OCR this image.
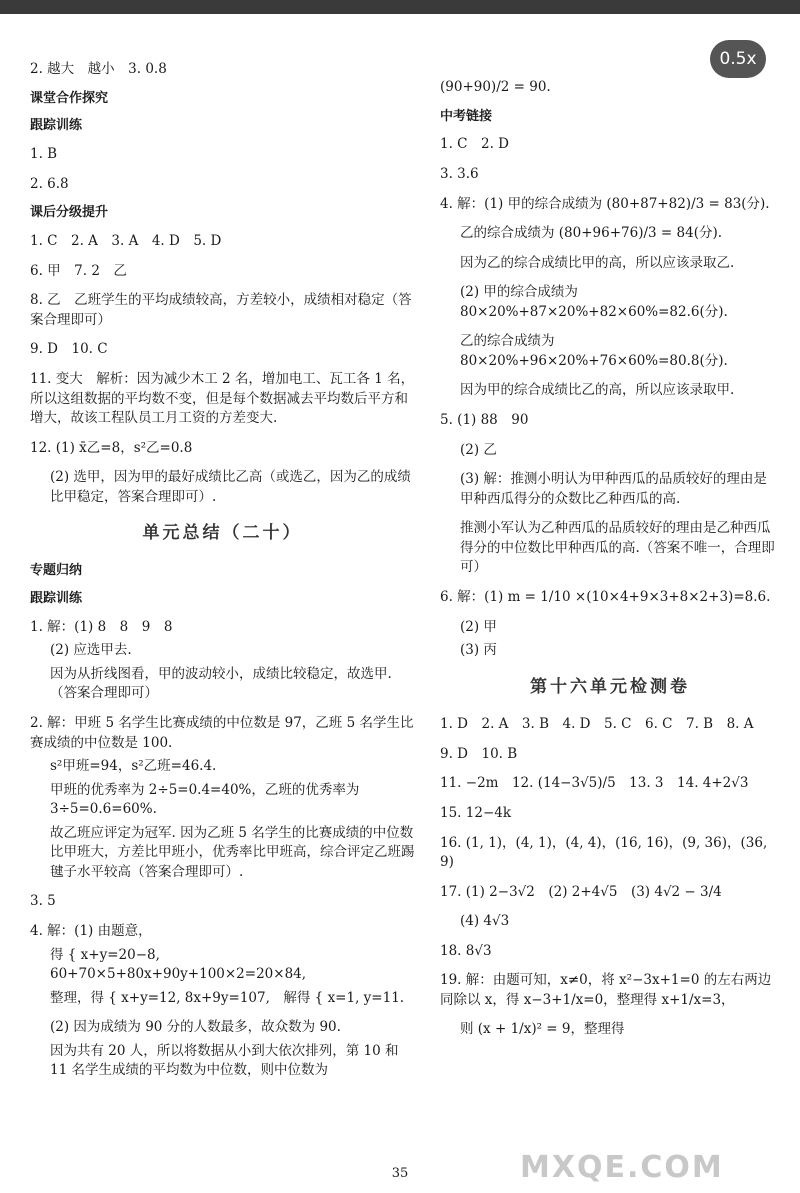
0.5x

2. 越大　越小　3. 0.8

课堂合作探究

跟踪训练

1. B

2. 6.8

课后分级提升

1. C　2. A　3. A　4. D　5. D

6. 甲　7. 2　乙

8. 乙　乙班学生的平均成绩较高，方差较小，成绩相对稳定（答案合理即可）

9. D　10. C

11. 变大　解析：因为减少木工 2 名，增加电工、瓦工各 1 名，所以这组数据的平均数不变，但是每个数据减去平均数后平方和增大，故该工程队员工月工资的方差变大.

12. (1) x̄乙=8，s²乙=0.8

(2) 选甲，因为甲的最好成绩比乙高（或选乙，因为乙的成绩比甲稳定，答案合理即可）.

单元总结（二十）

专题归纳

跟踪训练

1. 解：(1) 8　8　9　8

(2) 应选甲去.

因为从折线图看，甲的波动较小，成绩比较稳定，故选甲.（答案合理即可）

2. 解：甲班 5 名学生比赛成绩的中位数是 97，乙班 5 名学生比赛成绩的中位数是 100.

s²甲班=94，s²乙班=46.4.

甲班的优秀率为 2÷5=0.4=40%，乙班的优秀率为 3÷5=0.6=60%.

故乙班应评定为冠军. 因为乙班 5 名学生的比赛成绩的中位数比甲班大，方差比甲班小，优秀率比甲班高，综合评定乙班踢毽子水平较高（答案合理即可）.

3. 5

4. 解：(1) 由题意，

得 { x+y=20−8, 60+70×5+80x+90y+100×2=20×84,

整理，得 { x+y=12, 8x+9y=107,　解得 { x=1, y=11.

(2) 因为成绩为 90 分的人数最多，故众数为 90.

因为共有 20 人，所以将数据从小到大依次排列，第 10 和 11 名学生成绩的平均数为中位数，则中位数为

(90+90)/2 = 90.

中考链接

1. C　2. D

3. 3.6

4. 解：(1) 甲的综合成绩为 (80+87+82)/3 = 83(分).

乙的综合成绩为 (80+96+76)/3 = 84(分).

因为乙的综合成绩比甲的高，所以应该录取乙.

(2) 甲的综合成绩为 80×20%+87×20%+82×60%=82.6(分).

乙的综合成绩为 80×20%+96×20%+76×60%=80.8(分).

因为甲的综合成绩比乙的高，所以应该录取甲.

5. (1) 88　90

(2) 乙

(3) 解：推测小明认为甲种西瓜的品质较好的理由是甲种西瓜得分的众数比乙种西瓜的高.

推测小军认为乙种西瓜的品质较好的理由是乙种西瓜得分的中位数比甲种西瓜的高.（答案不唯一，合理即可）

6. 解：(1) m = 1/10 ×(10×4+9×3+8×2+3)=8.6.

(2) 甲

(3) 丙

第十六单元检测卷

1. D　2. A　3. B　4. D　5. C　6. C　7. B　8. A

9. D　10. B

11. −2m　12. (14−3√5)/5　13. 3　14. 4+2√3

15. 12−4k

16. (1, 1)，(4, 1)，(4, 4)，(16, 16)，(9, 36)，(36, 9)

17. (1) 2−3√2　(2) 2+4√5　(3) 4√2 − 3/4

(4) 4√3

18. 8√3

19. 解：由题可知，x≠0，将 x²−3x+1=0 的左右两边同除以 x，得 x−3+1/x=0，整理得 x+1/x=3，

则 (x + 1/x)² = 9，整理得

MXQE.COM
35
